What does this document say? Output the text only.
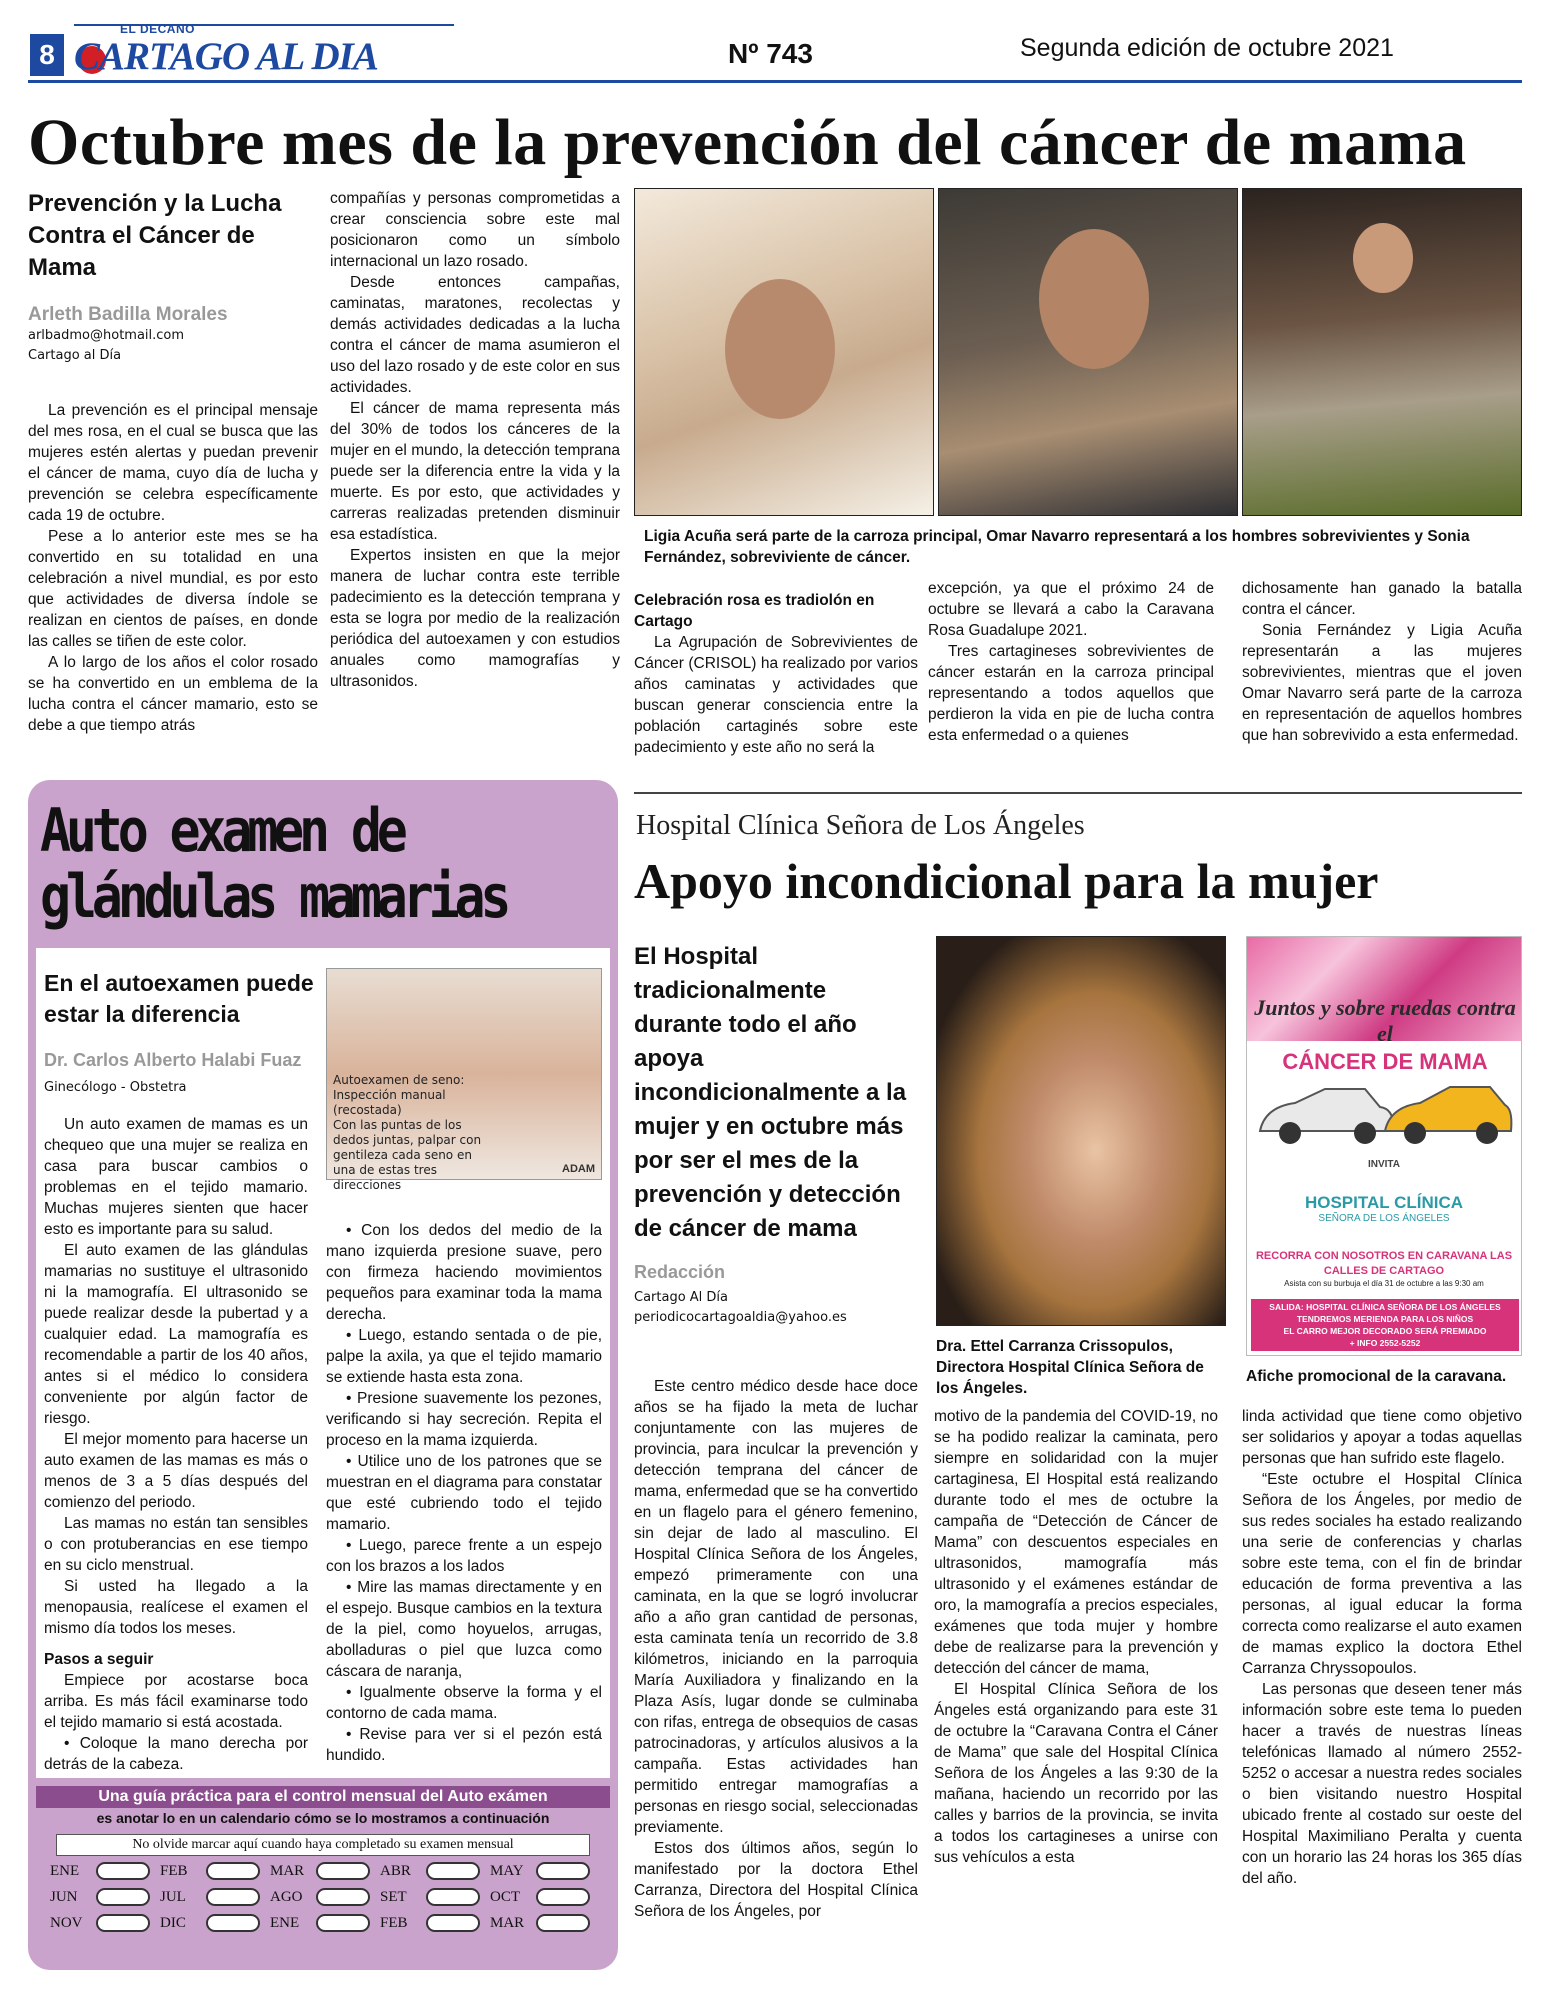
8
EL DECANO
CARTAGO AL DIA	Nº 743	Segunda edición de octubre 2021
Octubre mes de la prevención del cáncer de mama
Prevención y la Lucha Contra el Cáncer de Mama
Arleth Badilla Morales
arlbadmo@hotmail.com
Cartago al Día

La prevención es el principal mensaje del mes rosa, en el cual se busca que las mujeres estén alertas y puedan prevenir el cáncer de mama, cuyo día de lucha y prevención se celebra específicamente cada 19 de octubre.

Pese a lo anterior este mes se ha convertido en su totalidad en una celebración a nivel mundial, es por esto que actividades de diversa índole se realizan en cientos de países, en donde las calles se tiñen de este color.

A lo largo de los años el color rosado se ha convertido en un emblema de la lucha contra el cáncer mamario, esto se debe a que tiempo atrás

compañías y personas comprometidas a crear consciencia sobre este mal posicionaron como un símbolo internacional un lazo rosado.

Desde entonces campañas, caminatas, maratones, recolectas y demás actividades dedicadas a la lucha contra el cáncer de mama asumieron el uso del lazo rosado y de este color en sus actividades.

El cáncer de mama representa más del 30% de todos los cánceres de la mujer en el mundo, la detección temprana puede ser la diferencia entre la vida y la muerte. Es por esto, que actividades y carreras realizadas pretenden disminuir esa estadística.

Expertos insisten en que la mejor manera de luchar contra este terrible padecimiento es la detección temprana y esta se logra por medio de la realización periódica del autoexamen y con estudios anuales como mamografías y ultrasonidos.

Ligia Acuña será parte de la carroza principal, Omar Navarro representará a los hombres sobrevivientes y Sonia Fernández, sobreviviente de cáncer.
Celebración rosa es tradiolón en Cartago

La Agrupación de Sobrevivientes de Cáncer (CRISOL) ha realizado por varios años caminatas y actividades que buscan generar consciencia entre la población cartaginés sobre este padecimiento y este año no será la

excepción, ya que el próximo 24 de octubre se llevará a cabo la Caravana Rosa Guadalupe 2021.

Tres cartagineses sobrevivientes de cáncer estarán en la carroza principal representando a todos aquellos que perdieron la vida en pie de lucha contra esta enfermedad o a quienes

dichosamente han ganado la batalla contra el cáncer.

Sonia Fernández y Ligia Acuña representarán a las mujeres sobrevivientes, mientras que el joven Omar Navarro será parte de la carroza en representación de aquellos hombres que han sobrevivido a esta enfermedad.

Auto examen de
glándulas mamarias
En el autoexamen puede estar la diferencia
Dr. Carlos Alberto Halabi Fuaz
Ginecólogo - Obstetra	Autoexamen de seno: Inspección manual (recostada)
Con las puntas de los dedos juntas, palpar con gentileza cada seno en una de estas tres direcciones
ADAM

Un auto examen de mamas es un chequeo que una mujer se realiza en casa para buscar cambios o problemas en el tejido mamario. Muchas mujeres sienten que hacer esto es importante para su salud.

El auto examen de las glándulas mamarias no sustituye el ultrasonido ni la mamografía. El ultrasonido se puede realizar desde la pubertad y a cualquier edad. La mamografía es recomendable a partir de los 40 años, antes si el médico lo considera conveniente por algún factor de riesgo.

El mejor momento para hacerse un auto examen de las mamas es más o menos de 3 a 5 días después del comienzo del periodo.

Las mamas no están tan sensibles o con protuberancias en ese tiempo en su ciclo menstrual.

Si usted ha llegado a la menopausia, realícese el examen el mismo día todos los meses.

Pasos a seguir

Empiece por acostarse boca arriba. Es más fácil examinarse todo el tejido mamario si está acostada.

• Coloque la mano derecha por detrás de la cabeza.

• Con los dedos del medio de la mano izquierda presione suave, pero con firmeza haciendo movimientos pequeños para examinar toda la mama derecha.

• Luego, estando sentada o de pie, palpe la axila, ya que el tejido mamario se extiende hasta esta zona.

• Presione suavemente los pezones, verificando si hay secreción. Repita el proceso en la mama izquierda.

• Utilice uno de los patrones que se muestran en el diagrama para constatar que esté cubriendo todo el tejido mamario.

• Luego, parece frente a un espejo con los brazos a los lados

• Mire las mamas directamente y en el espejo. Busque cambios en la textura de la piel, como hoyuelos, arrugas, abolladuras o piel que luzca como cáscara de naranja,

• Igualmente observe la forma y el contorno de cada mama.

• Revise para ver si el pezón está hundido.

Una guía práctica para el control mensual del Auto exámen
es anotar lo en un calendario cómo se lo mostramos a continuación
No olvide marcar aquí cuando haya completado su examen mensual
ENE	FEB	MAR	ABR	MAY
JUN	JUL	AGO	SET	OCT
NOV	DIC	ENE	FEB	MAR
Hospital Clínica Señora de Los Ángeles
Apoyo incondicional para la mujer
El Hospital tradicionalmente durante todo el año apoya incondicionalmente a la mujer y en octubre más por ser el mes de la prevención y detección de cáncer de mama
Redacción
Cartago Al Día
periodicocartagoaldia@yahoo.es
Dra. Ettel Carranza Crissopulos, Directora Hospital Clínica Señora de los Ángeles.
Juntos y sobre ruedas contra el
CÁNCER DE MAMA
INVITA
HOSPITAL CLÍNICA
SEÑORA DE LOS ÁNGELES
RECORRA CON NOSOTROS EN CARAVANA LAS CALLES DE CARTAGO
Asista con su burbuja el día 31 de octubre a las 9:30 am
SALIDA: HOSPITAL CLÍNICA SEÑORA DE LOS ÁNGELES
TENDREMOS MERIENDA PARA LOS NIÑOS
EL CARRO MEJOR DECORADO SERÁ PREMIADO
+ INFO 2552-5252
Afiche promocional de la caravana.

Este centro médico desde hace doce años se ha fijado la meta de luchar conjuntamente con las mujeres de provincia, para inculcar la prevención y detección temprana del cáncer de mama, enfermedad que se ha convertido en un flagelo para el género femenino, sin dejar de lado al masculino. El Hospital Clínica Señora de los Ángeles, empezó primeramente con una caminata, en la que se logró involucrar año a año gran cantidad de personas, esta caminata tenía un recorrido de 3.8 kilómetros, iniciando en la parroquia María Auxiliadora y finalizando en la Plaza Asís, lugar donde se culminaba con rifas, entrega de obsequios de casas patrocinadoras, y artículos alusivos a la campaña. Estas actividades han permitido entregar mamografías a personas en riesgo social, seleccionadas previamente.

Estos dos últimos años, según lo manifestado por la doctora Ethel Carranza, Directora del Hospital Clínica Señora de los Ángeles, por

motivo de la pandemia del COVID-19, no se ha podido realizar la caminata, pero siempre en solidaridad con la mujer cartaginesa, El Hospital está realizando durante todo el mes de octubre la campaña de “Detección de Cáncer de Mama” con descuentos especiales en ultrasonidos, mamografía más ultrasonido y el exámenes estándar de oro, la mamografía a precios especiales, exámenes que toda mujer y hombre debe de realizarse para la prevención y detección del cáncer de mama,

El Hospital Clínica Señora de los Ángeles está organizando para este 31 de octubre la “Caravana Contra el Cáner de Mama” que sale del Hospital Clínica Señora de los Ángeles a las 9:30 de la mañana, haciendo un recorrido por las calles y barrios de la provincia, se invita a todos los cartagineses a unirse con sus vehículos a esta

linda actividad que tiene como objetivo ser solidarios y apoyar a todas aquellas personas que han sufrido este flagelo.

“Este octubre el Hospital Clínica Señora de los Ángeles, por medio de sus redes sociales ha estado realizando una serie de conferencias y charlas sobre este tema, con el fin de brindar educación de forma preventiva a las personas, al igual educar la forma correcta como realizarse el auto examen de mamas explico la doctora Ethel Carranza Chryssopoulos.

Las personas que deseen tener más información sobre este tema lo pueden hacer a través de nuestras líneas telefónicas llamado al número 2552-5252 o accesar a nuestra redes sociales o bien visitando nuestro Hospital ubicado frente al costado sur oeste del Hospital Maximiliano Peralta y cuenta con un horario las 24 horas los 365 días del año.
